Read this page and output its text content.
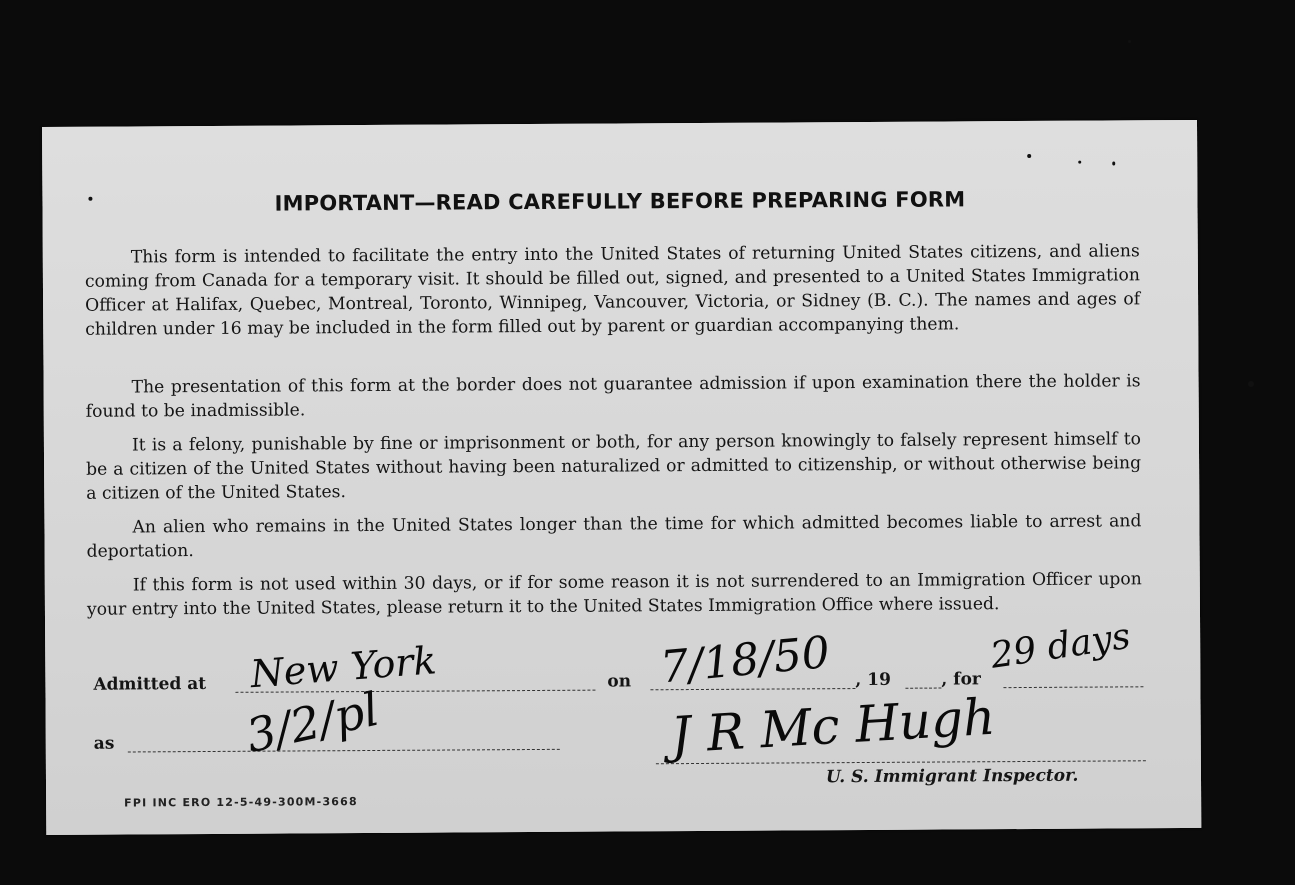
IMPORTANT—READ CAREFULLY BEFORE PREPARING FORM

This form is intended to facilitate the entry into the United States of returning United States citizens, and aliens coming from Canada for a temporary visit. It should be filled out, signed, and presented to a United States Immigration Officer at Halifax, Quebec, Montreal, Toronto, Winnipeg, Vancouver, Victoria, or Sidney (B. C.). The names and ages of children under 16 may be included in the form filled out by parent or guardian accompanying them.

The presentation of this form at the border does not guarantee admission if upon examination there the holder is found to be inadmissible.

It is a felony, punishable by fine or imprisonment or both, for any person knowingly to falsely represent himself to be a citizen of the United States without having been naturalized or admitted to citizenship, or without otherwise being a citizen of the United States.

An alien who remains in the United States longer than the time for which admitted becomes liable to arrest and deportation.

If this form is not used within 30 days, or if for some reason it is not surrendered to an Immigration Officer upon your entry into the United States, please return it to the United States Immigration Office where issued.

Admitted at New York	on 7/18/50 , 19	, for
29 days
as	3/2/pl	J R Mc Hugh
U. S. Immigrant Inspector.
FPI INC ERO 12-5-49-300M-3668
